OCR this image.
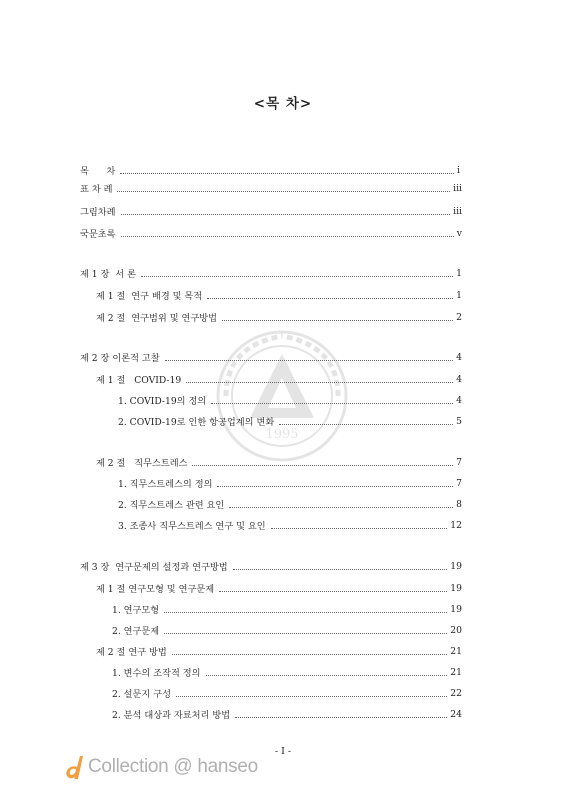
<목 차>
1995
목      차	i
표 차 례	iii
그림차례	iii
국문초록	v
제 1 장  서 론	1
제 1 절  연구 배경 및 목적	1
제 2 절  연구범위 및 연구방법	2
제 2 장 이론적 고찰	4
제 1 절   COVID-19	4
1. COVID-19의 정의	4
2. COVID-19로 인한 항공업계의 변화	5
제 2 절   직무스트레스	7
1. 직무스트레스의 정의	7
2. 직무스트레스 관련 요인	8
3. 조종사 직무스트레스 연구 및 요인	12
제 3 장  연구문제의 설정과 연구방법	19
제 1 절 연구모형 및 연구문제	19
1. 연구모형	19
2. 연구문제	20
제 2 절 연구 방법	21
1. 변수의 조작적 정의	21
2. 설문지 구성	22
2. 분석 대상과 자료처리 방법	24
- I -
Collection @ hanseo
